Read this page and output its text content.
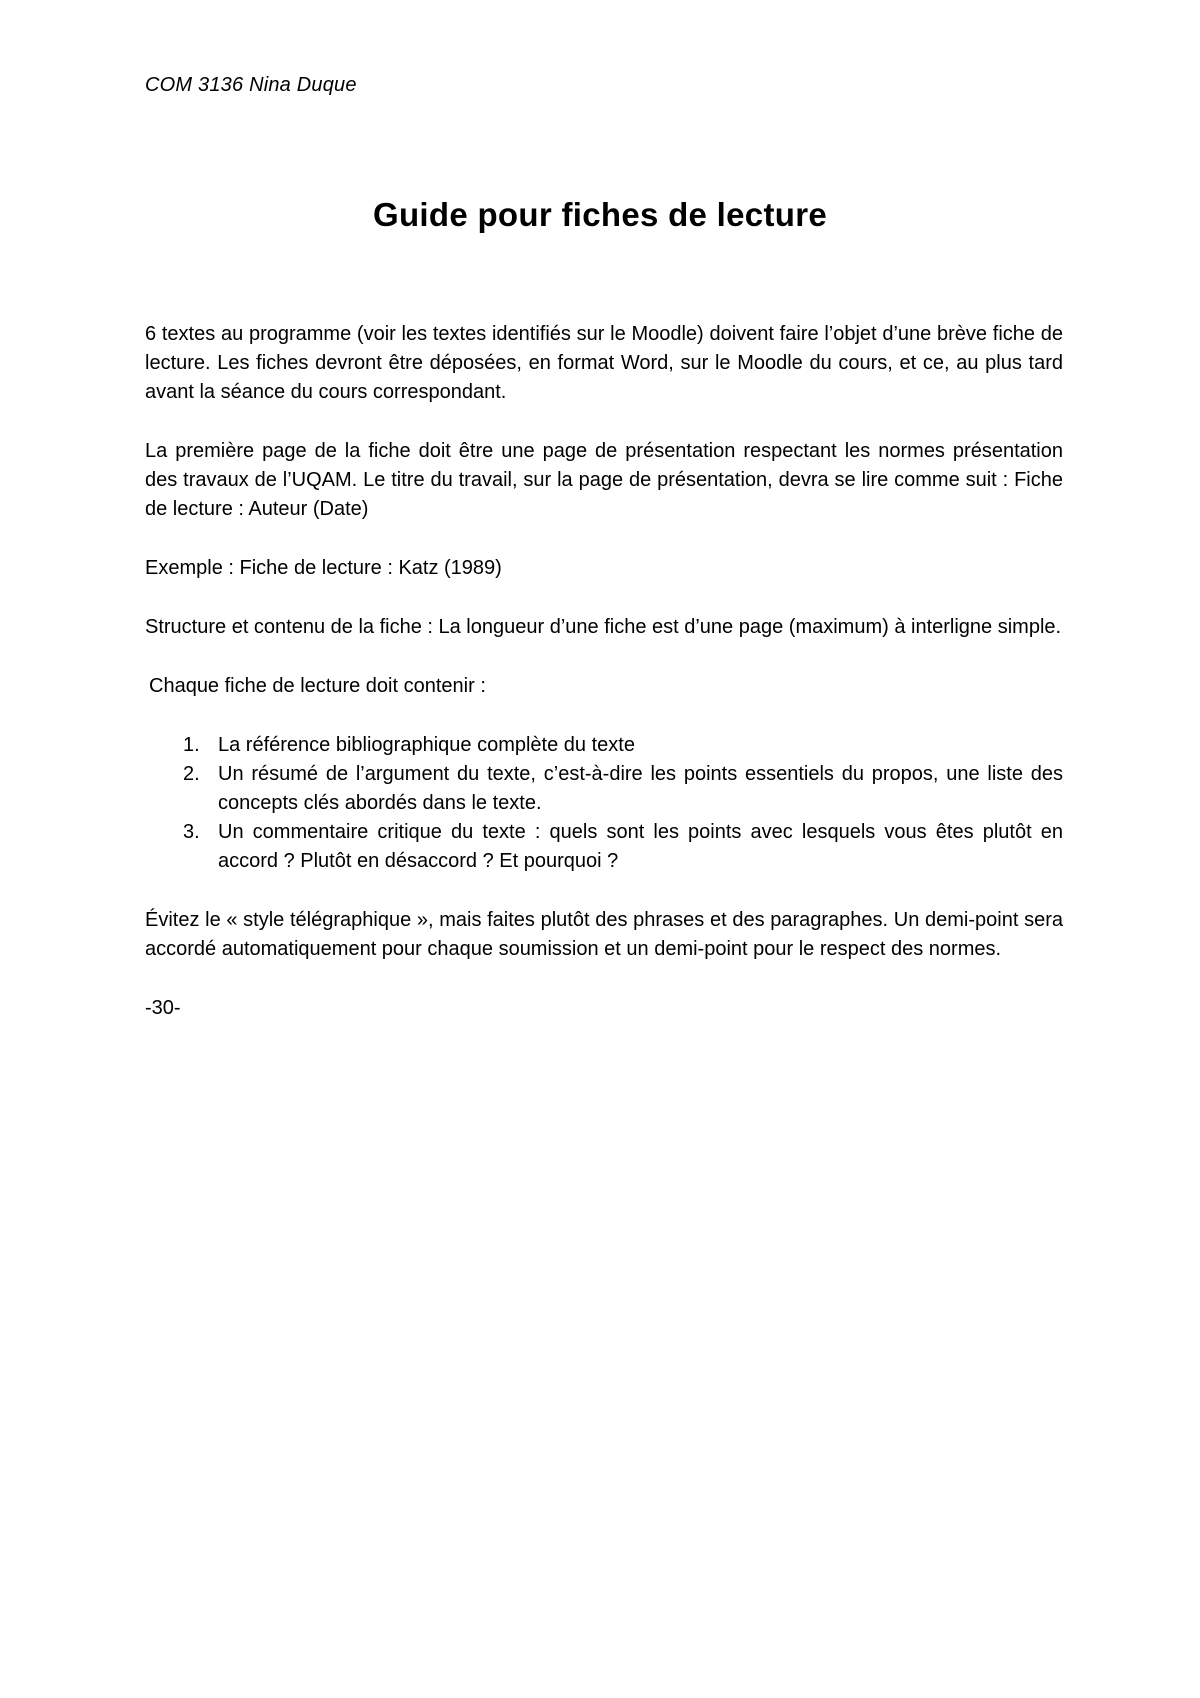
COM 3136 Nina Duque
Guide pour fiches de lecture

6 textes au programme (voir les textes identifiés sur le Moodle) doivent faire l’objet d’une brève fiche de lecture. Les fiches devront être déposées, en format Word, sur le Moodle du cours, et ce, au plus tard avant la séance du cours correspondant.

La première page de la fiche doit être une page de présentation respectant les normes présentation des travaux de l’UQAM. Le titre du travail, sur la page de présentation, devra se lire comme suit : Fiche de lecture : Auteur (Date)

Exemple : Fiche de lecture : Katz (1989)

Structure et contenu de la fiche : La longueur d’une fiche est d’une page (maximum) à interligne simple.

Chaque fiche de lecture doit contenir :

1. La référence bibliographique complète du texte
2. Un résumé de l’argument du texte, c’est-à-dire les points essentiels du propos, une liste des concepts clés abordés dans le texte.
3. Un commentaire critique du texte : quels sont les points avec lesquels vous êtes plutôt en accord ? Plutôt en désaccord ? Et pourquoi ?

Évitez le « style télégraphique », mais faites plutôt des phrases et des paragraphes. Un demi-point sera accordé automatiquement pour chaque soumission et un demi-point pour le respect des normes.

-30-
